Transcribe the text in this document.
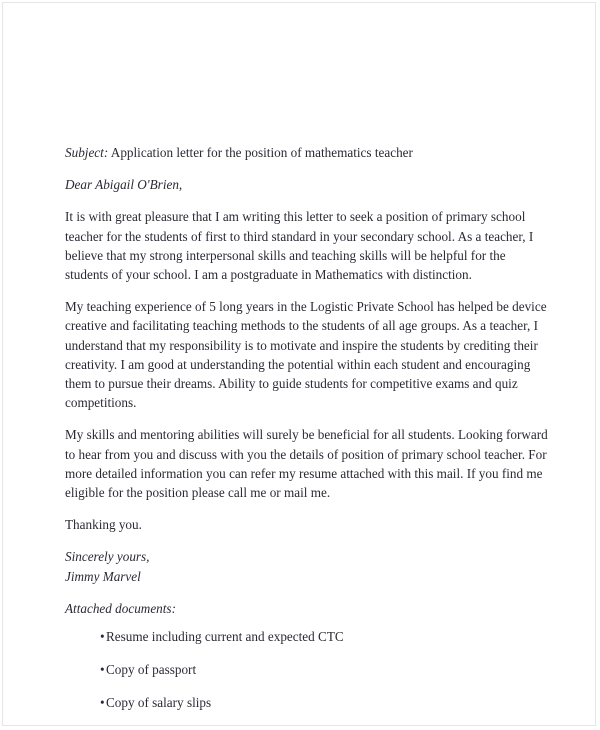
Subject: Application letter for the position of mathematics teacher

Dear Abigail O'Brien,

It is with great pleasure that I am writing this letter to seek a position of primary school teacher for the students of first to third standard in your secondary school. As a teacher, I believe that my strong interpersonal skills and teaching skills will be helpful for the students of your school. I am a postgraduate in Mathematics with distinction.

My teaching experience of 5 long years in the Logistic Private School has helped be device creative and facilitating teaching methods to the students of all age groups. As a teacher, I understand that my responsibility is to motivate and inspire the students by crediting their creativity. I am good at understanding the potential within each student and encouraging them to pursue their dreams. Ability to guide students for competitive exams and quiz competitions.

My skills and mentoring abilities will surely be beneficial for all students. Looking forward to hear from you and discuss with you the details of position of primary school teacher. For more detailed information you can refer my resume attached with this mail. If you find me eligible for the position please call me or mail me.

Thanking you.

Sincerely yours,
Jimmy Marvel

Attached documents:

• Resume including current and expected CTC
• Copy of passport
• Copy of salary slips
